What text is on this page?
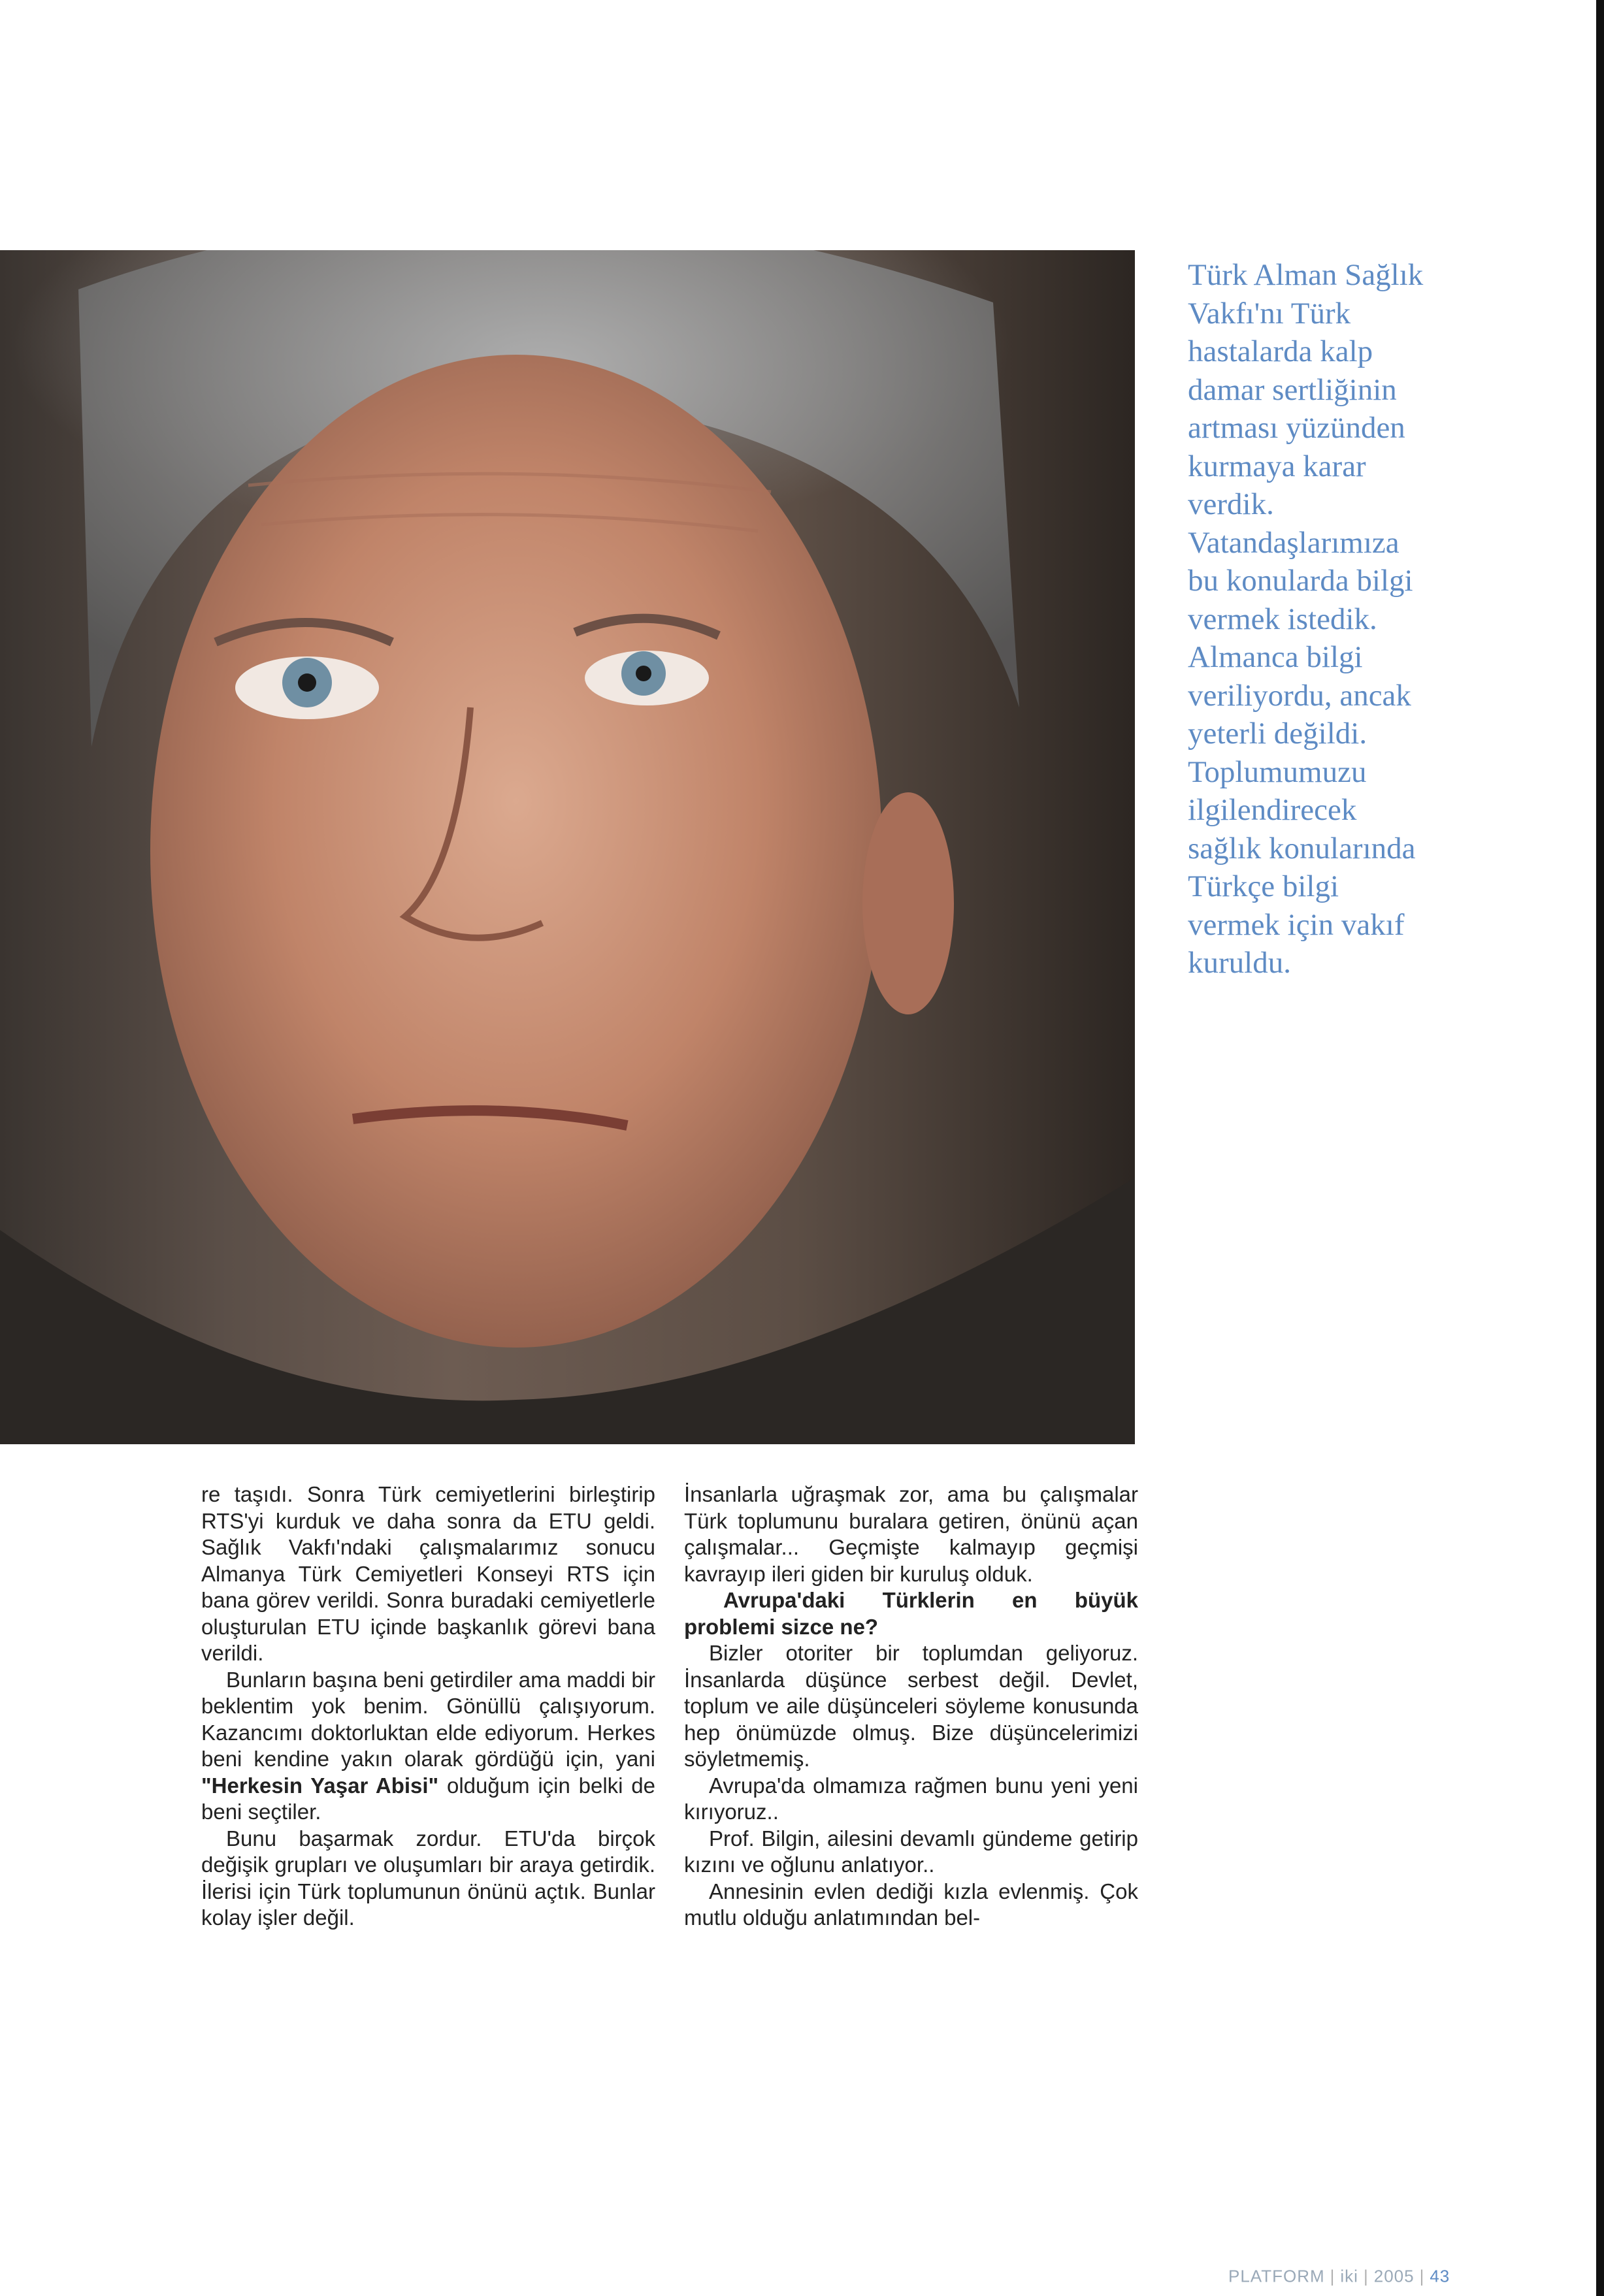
Türk Alman Sağlık
Vakfı'nı Türk
hastalarda kalp
damar sertliğinin
artması yüzünden
kurmaya karar
verdik.
Vatandaşlarımıza
bu konularda bilgi
vermek istedik.
Almanca bilgi
veriliyordu, ancak
yeterli değildi.
Toplumumuzu
ilgilendirecek
sağlık konularında
Türkçe bilgi
vermek için vakıf
kuruldu.

re taşıdı. Sonra Türk cemiyetlerini birleştirip RTS'yi kurduk ve daha sonra da ETU geldi. Sağlık Vakfı'ndaki çalışmalarımız sonucu Almanya Türk Cemiyetleri Konseyi RTS için bana görev verildi. Sonra buradaki cemiyetlerle oluşturulan ETU içinde başkanlık görevi bana verildi.

Bunların başına beni getirdiler ama maddi bir beklentim yok benim. Gönüllü çalışıyorum. Kazancımı doktorluktan elde ediyorum. Herkes beni kendine yakın olarak gördüğü için, yani "Herkesin Yaşar Abisi" olduğum için belki de beni seçtiler.

Bunu başarmak zordur. ETU'da birçok değişik grupları ve oluşumları bir araya getirdik. İlerisi için Türk toplumunun önünü açtık. Bunlar kolay işler değil.

İnsanlarla uğraşmak zor, ama bu çalışmalar Türk toplumunu buralara getiren, önünü açan çalışmalar... Geçmişte kalmayıp geçmişi kavrayıp ileri giden bir kuruluş olduk.

Avrupa'daki Türklerin en büyük problemi sizce ne?

Bizler otoriter bir toplumdan geliyoruz. İnsanlarda düşünce serbest değil. Devlet, toplum ve aile düşünceleri söyleme konusunda hep önümüzde olmuş. Bize düşüncelerimizi söyletmemiş.

Avrupa'da olmamıza rağmen bunu yeni yeni kırıyoruz..

Prof. Bilgin, ailesini devamlı gündeme getirip kızını ve oğlunu anlatıyor..

Annesinin evlen dediği kızla evlenmiş. Çok mutlu olduğu anlatımından bel-

PLATFORM | iki | 2005 | 43
